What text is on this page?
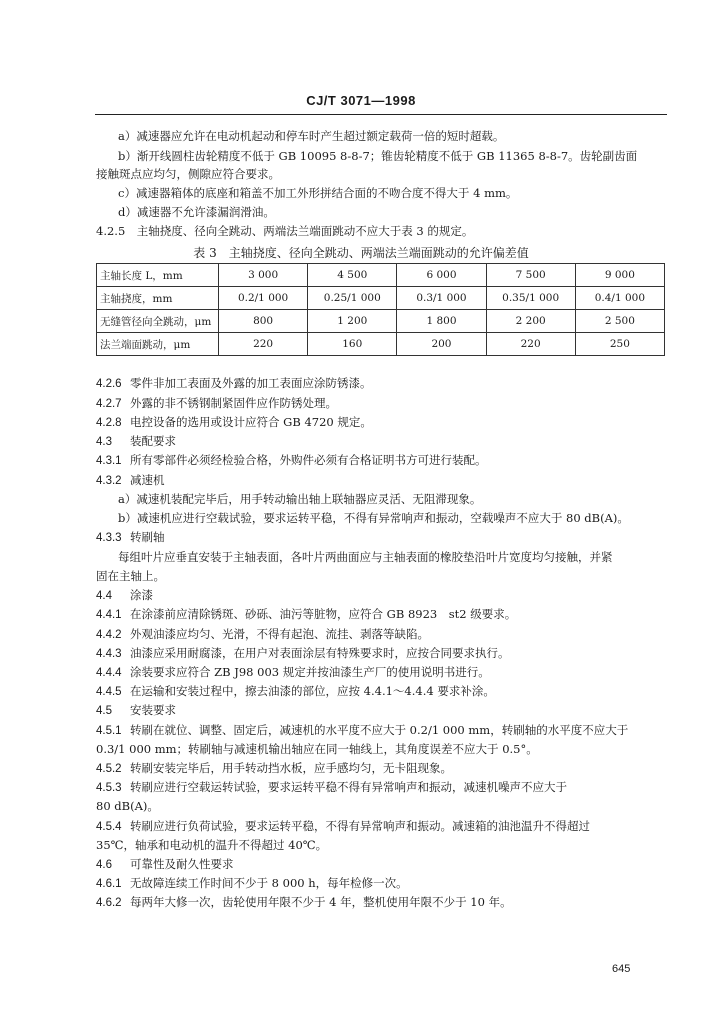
CJ/T 3071—1998
a）减速器应允许在电动机起动和停车时产生超过额定载荷一倍的短时超载。
b）渐开线圆柱齿轮精度不低于 GB 10095 8-8-7；锥齿轮精度不低于 GB 11365 8-8-7。齿轮副齿面
接触斑点应均匀，侧隙应符合要求。
c）减速器箱体的底座和箱盖不加工外形拼结合面的不吻合度不得大于 4 mm。
d）减速器不允许漆漏润滑油。
4.2.5　主轴挠度、径向全跳动、两端法兰端面跳动不应大于表 3 的规定。
表 3　主轴挠度、径向全跳动、两端法兰端面跳动的允许偏差值
主轴长度 L，mm	3 000	4 500	6 000	7 500	9 000
主轴挠度，mm	0.2/1 000	0.25/1 000	0.3/1 000	0.35/1 000	0.4/1 000
无缝管径向全跳动，μm	800	1 200	1 800	2 200	2 500
法兰端面跳动，μm	220	160	200	220	250
4.2.6 零件非加工表面及外露的加工表面应涂防锈漆。
4.2.7 外露的非不锈钢制紧固件应作防锈处理。
4.2.8 电控设备的选用或设计应符合 GB 4720 规定。
4.3 装配要求
4.3.1 所有零部件必须经检验合格，外购件必须有合格证明书方可进行装配。
4.3.2 减速机
a）减速机装配完毕后，用手转动输出轴上联轴器应灵活、无阻滞现象。
b）减速机应进行空载试验，要求运转平稳，不得有异常响声和振动，空载噪声不应大于 80 dB(A)。
4.3.3 转刷轴
每组叶片应垂直安装于主轴表面，各叶片两曲面应与主轴表面的橡胶垫沿叶片宽度均匀接触，并紧
固在主轴上。
4.4 涂漆
4.4.1 在涂漆前应清除锈斑、砂砾、油污等脏物，应符合 GB 8923　st2 级要求。
4.4.2 外观油漆应均匀、光滑，不得有起泡、流挂、剥落等缺陷。
4.4.3 油漆应采用耐腐漆，在用户对表面涂层有特殊要求时，应按合同要求执行。
4.4.4 涂装要求应符合 ZB J98 003 规定并按油漆生产厂的使用说明书进行。
4.4.5 在运输和安装过程中，擦去油漆的部位，应按 4.4.1～4.4.4 要求补涂。
4.5 安装要求
4.5.1 转刷在就位、调整、固定后，减速机的水平度不应大于 0.2/1 000 mm，转刷轴的水平度不应大于
0.3/1 000 mm；转刷轴与减速机输出轴应在同一轴线上，其角度误差不应大于 0.5°。
4.5.2 转刷安装完毕后，用手转动挡水板，应手感均匀，无卡阻现象。
4.5.3 转刷应进行空载运转试验，要求运转平稳不得有异常响声和振动，减速机噪声不应大于
80 dB(A)。
4.5.4 转刷应进行负荷试验，要求运转平稳，不得有异常响声和振动。减速箱的油池温升不得超过
35℃，轴承和电动机的温升不得超过 40℃。
4.6 可靠性及耐久性要求
4.6.1 无故障连续工作时间不少于 8 000 h，每年检修一次。
4.6.2 每两年大修一次，齿轮使用年限不少于 4 年，整机使用年限不少于 10 年。
645
